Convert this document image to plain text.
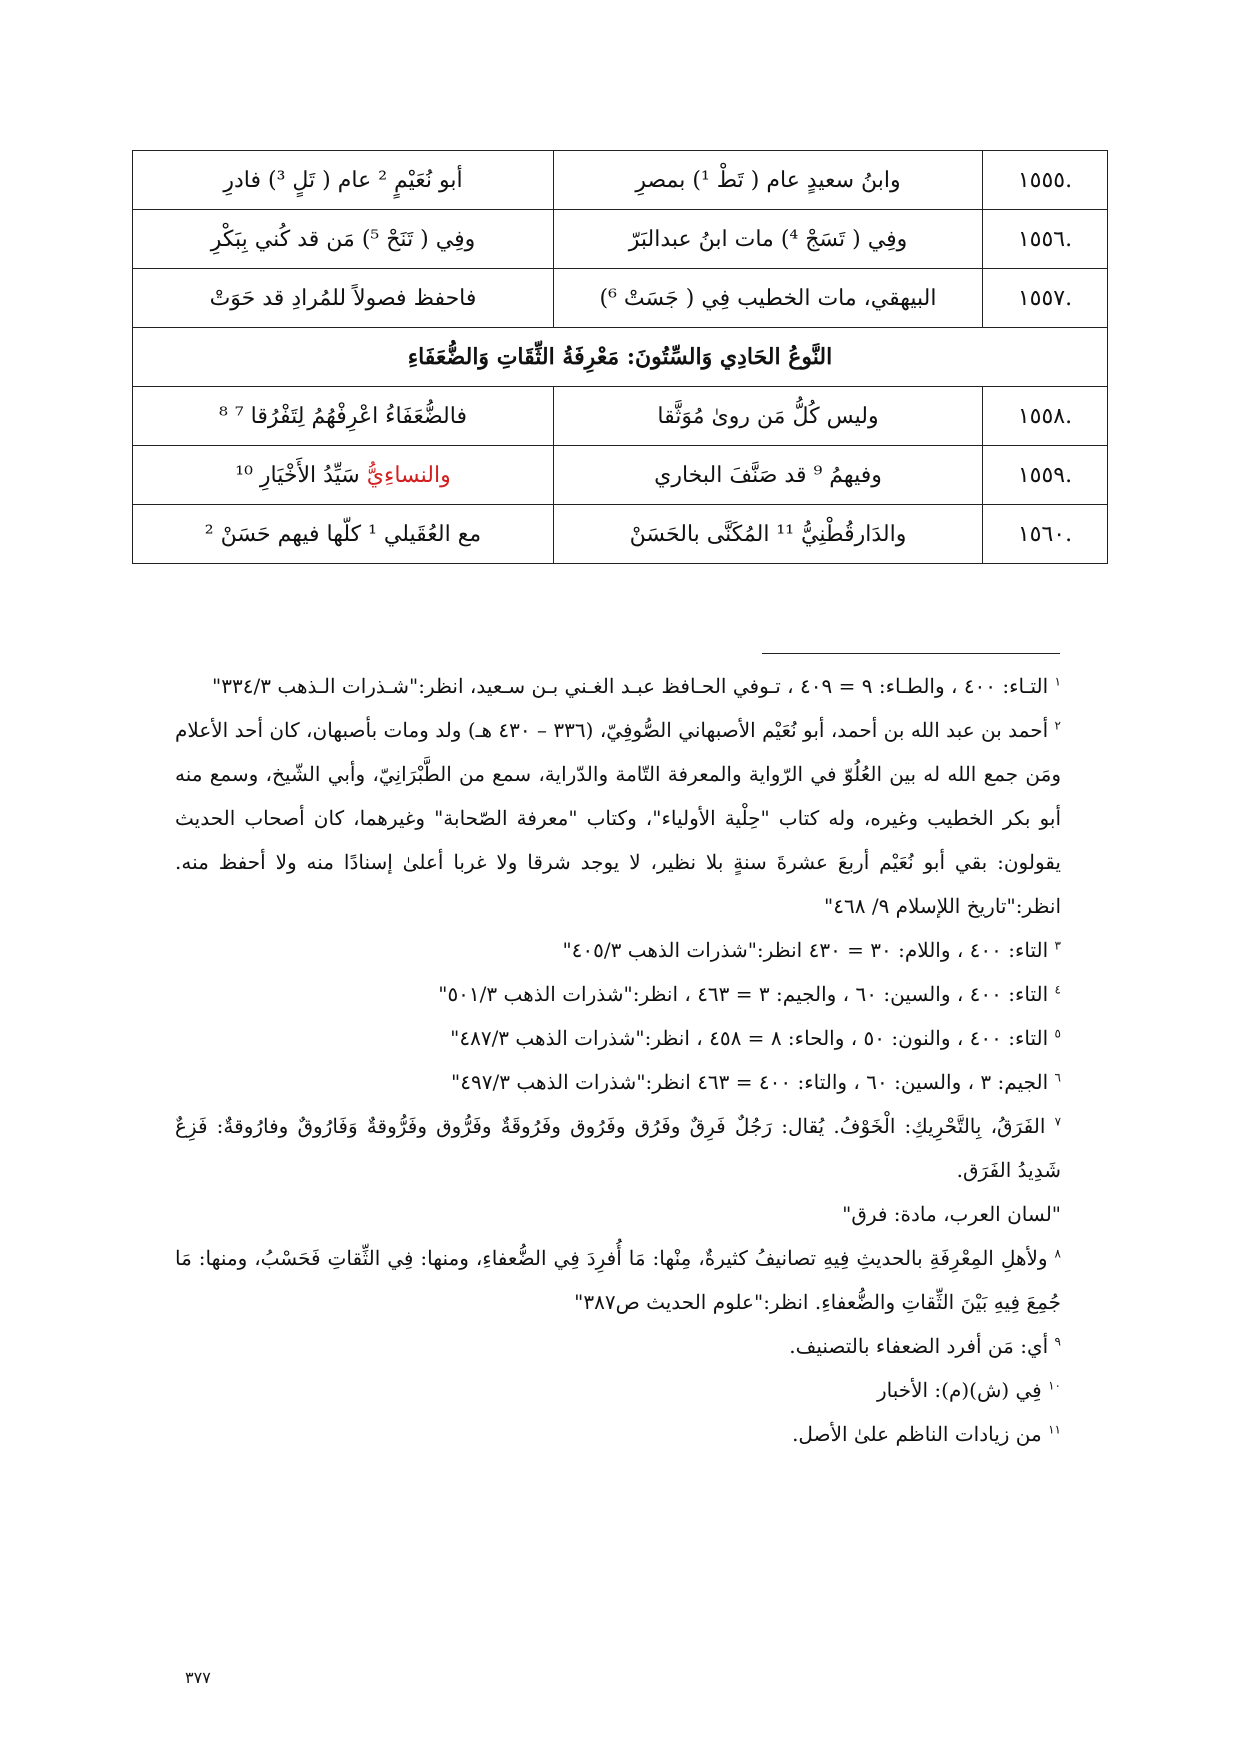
.١٥٥٥	وابنُ سعيدٍ عام ( تَطْ ¹) بمصرِ	أبو نُعَيْمٍ ² عام ( تَلٍ ³) فادرِ
.١٥٥٦	وفِي ( تَسَجْ ⁴) مات ابنُ عبدالبَرّ	وفِي ( تَنَحْ ⁵) مَن قد كُني بِبَكْرِ
.١٥٥٧	البيهقي، مات الخطيب فِي ( جَسَتْ ⁶)	فاحفظ فصولاً للمُرادِ قد حَوَتْ
النَّوعُ الحَادِي وَالسِّتُونَ: مَعْرِفَةُ الثِّقَاتِ وَالضُّعَفَاءِ		
.١٥٥٨	وليس كُلُّ مَن روىٰ مُوَثَّقا	فالضُّعَفَاءُ اعْرِفْهُمُ لِتَفْرُقا ⁷ ⁸
.١٥٥٩	وفيهمُ ⁹ قد صَنَّفَ البخاري	والنساءِيُّ سَيِّدُ الأَخْيَارِ ¹⁰
.١٥٦٠	والدَارقُطْنِيُّ ¹¹ المُكَنَّى بالحَسَنْ	مع العُقَيلي ¹ كلّها فيهم حَسَنْ ²

$^١$ التـاء: ٤٠٠ ، والطـاء: ٩ = ٤٠٩ ، تـوفي الحـافظ عبـد الغـني بـن سـعيد، انظر:"شـذرات الـذهب ٣٣٤/٣"

$^٢$ أحمد بن عبد الله بن أحمد، أبو نُعَيْم الأصبهاني الصُّوفِيّ، (٣٣٦ – ٤٣٠ هـ) ولد ومات بأصبهان، كان أحد الأعلام ومَن جمع الله له بين العُلُوّ في الرّواية والمعرفة التّامة والدّراية، سمع من الطَّبْرَانِيّ، وأبي الشّيخ، وسمع منه أبو بكر الخطيب وغيره، وله كتاب "حِلْية الأولياء"، وكتاب "معرفة الصّحابة" وغيرهما، كان أصحاب الحديث يقولون: بقي أبو نُعَيْم أربعَ عشرةَ سنةٍ بلا نظير، لا يوجد شرقا ولا غربا أعلىٰ إسنادًا منه ولا أحفظ منه. انظر:"تاريخ اللإسلام ٩/ ٤٦٨"

$^٣$ التاء: ٤٠٠ ، واللام: ٣٠ = ٤٣٠ انظر:"شذرات الذهب ٤٠٥/٣"

$^٤$ التاء: ٤٠٠ ، والسين: ٦٠ ، والجيم: ٣ = ٤٦٣ ، انظر:"شذرات الذهب ٥٠١/٣"

$^٥$ التاء: ٤٠٠ ، والنون: ٥٠ ، والحاء: ٨ = ٤٥٨ ، انظر:"شذرات الذهب ٤٨٧/٣"

$^٦$ الجيم: ٣ ، والسين: ٦٠ ، والتاء: ٤٠٠ = ٤٦٣ انظر:"شذرات الذهب ٤٩٧/٣"

$^٧$ الفَرَقُ، بِالتَّحْرِيكِ: الْخَوْفُ. يُقال: رَجُلٌ فَرِقٌ وفَرُق وفَرُوق وفَرُوقَةٌ وفَرُّوق وفَرُّوقةٌ وَفَارُوقٌ وفارُوقةٌ: فَزِعٌ شَدِيدُ الفَرَق.

"لسان العرب، مادة: فرق"

$^٨$ ولأهلِ المِعْرِفَةِ بالحديثِ فِيهِ تصانيفُ كثيرةٌ، مِنْها: مَا أُفرِدَ فِي الضُّعفاءِ، ومنها: فِي الثِّقاتِ فَحَسْبُ، ومنها: مَا جُمِعَ فِيهِ بَيْنَ الثِّقاتِ والضُّعفاءِ. انظر:"علوم الحديث ص٣٨٧"

$^٩$ أي: مَن أفرد الضعفاء بالتصنيف.

$^{١٠}$ فِي (ش)(م): الأخبار

$^{١١}$ من زيادات الناظم علىٰ الأصل.

٣٧٧
